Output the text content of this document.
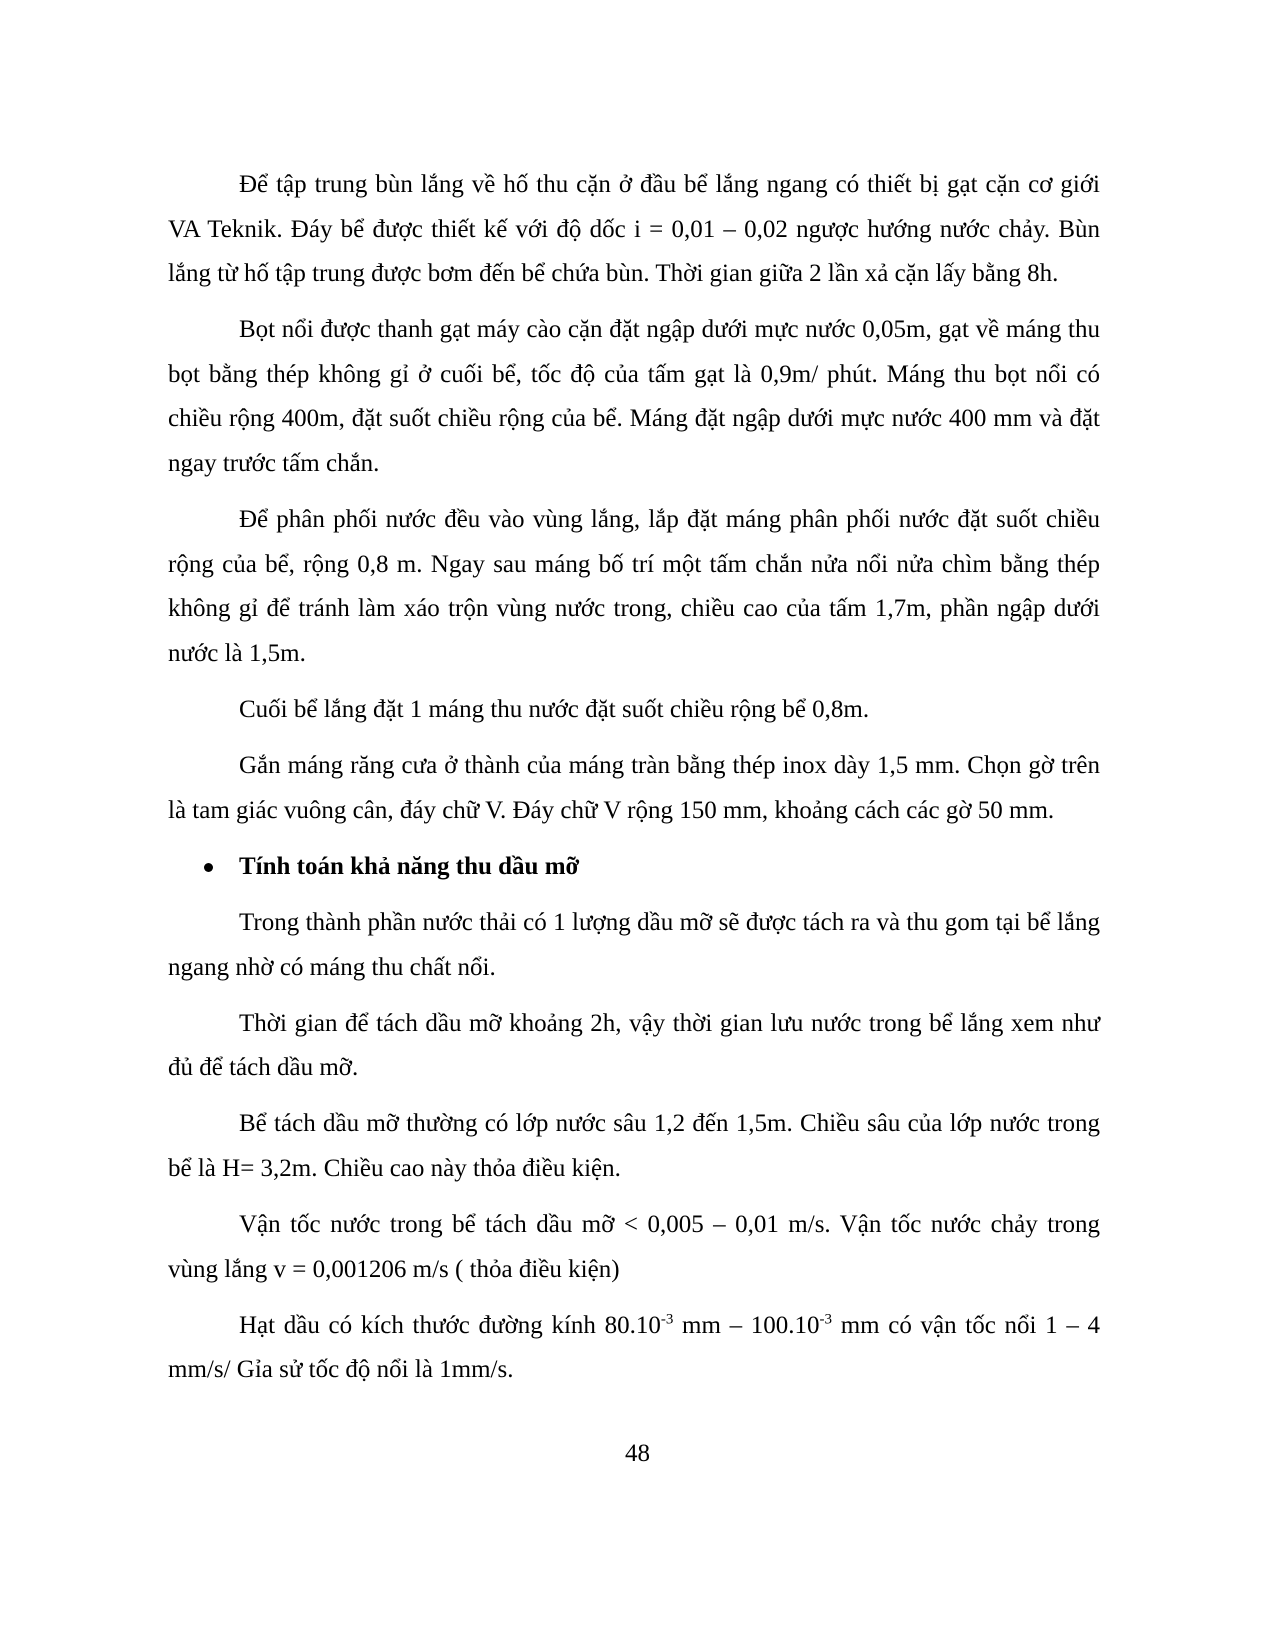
Để tập trung bùn lắng về hố thu cặn ở đầu bể lắng ngang có thiết bị gạt cặn cơ giới VA Teknik. Đáy bể được thiết kế với độ dốc i = 0,01 – 0,02 ngược hướng nước chảy. Bùn lắng từ hố tập trung được bơm đến bể chứa bùn. Thời gian giữa 2 lần xả cặn lấy bằng 8h.

Bọt nổi được thanh gạt máy cào cặn đặt ngập dưới mực nước 0,05m, gạt về máng thu bọt bằng thép không gỉ ở cuối bể, tốc độ của tấm gạt là 0,9m/ phút. Máng thu bọt nổi có chiều rộng 400m, đặt suốt chiều rộng của bể. Máng đặt ngập dưới mực nước 400 mm và đặt ngay trước tấm chắn.

Để phân phối nước đều vào vùng lắng, lắp đặt máng phân phối nước đặt suốt chiều rộng của bể, rộng 0,8 m. Ngay sau máng bố trí một tấm chắn nửa nổi nửa chìm bằng thép không gỉ để tránh làm xáo trộn vùng nước trong, chiều cao của tấm 1,7m, phần ngập dưới nước là 1,5m.

Cuối bể lắng đặt 1 máng thu nước đặt suốt chiều rộng bể 0,8m.

Gắn máng răng cưa ở thành của máng tràn bằng thép inox dày 1,5 mm. Chọn gờ trên là tam giác vuông cân, đáy chữ V. Đáy chữ V rộng 150 mm, khoảng cách các gờ 50 mm.

Tính toán khả năng thu dầu mỡ

Trong thành phần nước thải có 1 lượng dầu mỡ sẽ được tách ra và thu gom tại bể lắng ngang nhờ có máng thu chất nổi.

Thời gian để tách dầu mỡ khoảng 2h, vậy thời gian lưu nước trong bể lắng xem như đủ để tách dầu mỡ.

Bể tách dầu mỡ thường có lớp nước sâu 1,2 đến 1,5m. Chiều sâu của lớp nước trong bể là H= 3,2m. Chiều cao này thỏa điều kiện.

Vận tốc nước trong bể tách dầu mỡ < 0,005 – 0,01 m/s. Vận tốc nước chảy trong vùng lắng v = 0,001206 m/s ( thỏa điều kiện)

Hạt dầu có kích thước đường kính $80.10^{-3}$ mm – $100.10^{-3}$ mm có vận tốc nổi 1 – 4 mm/s/ Gỉa sử tốc độ nổi là 1mm/s.

48
